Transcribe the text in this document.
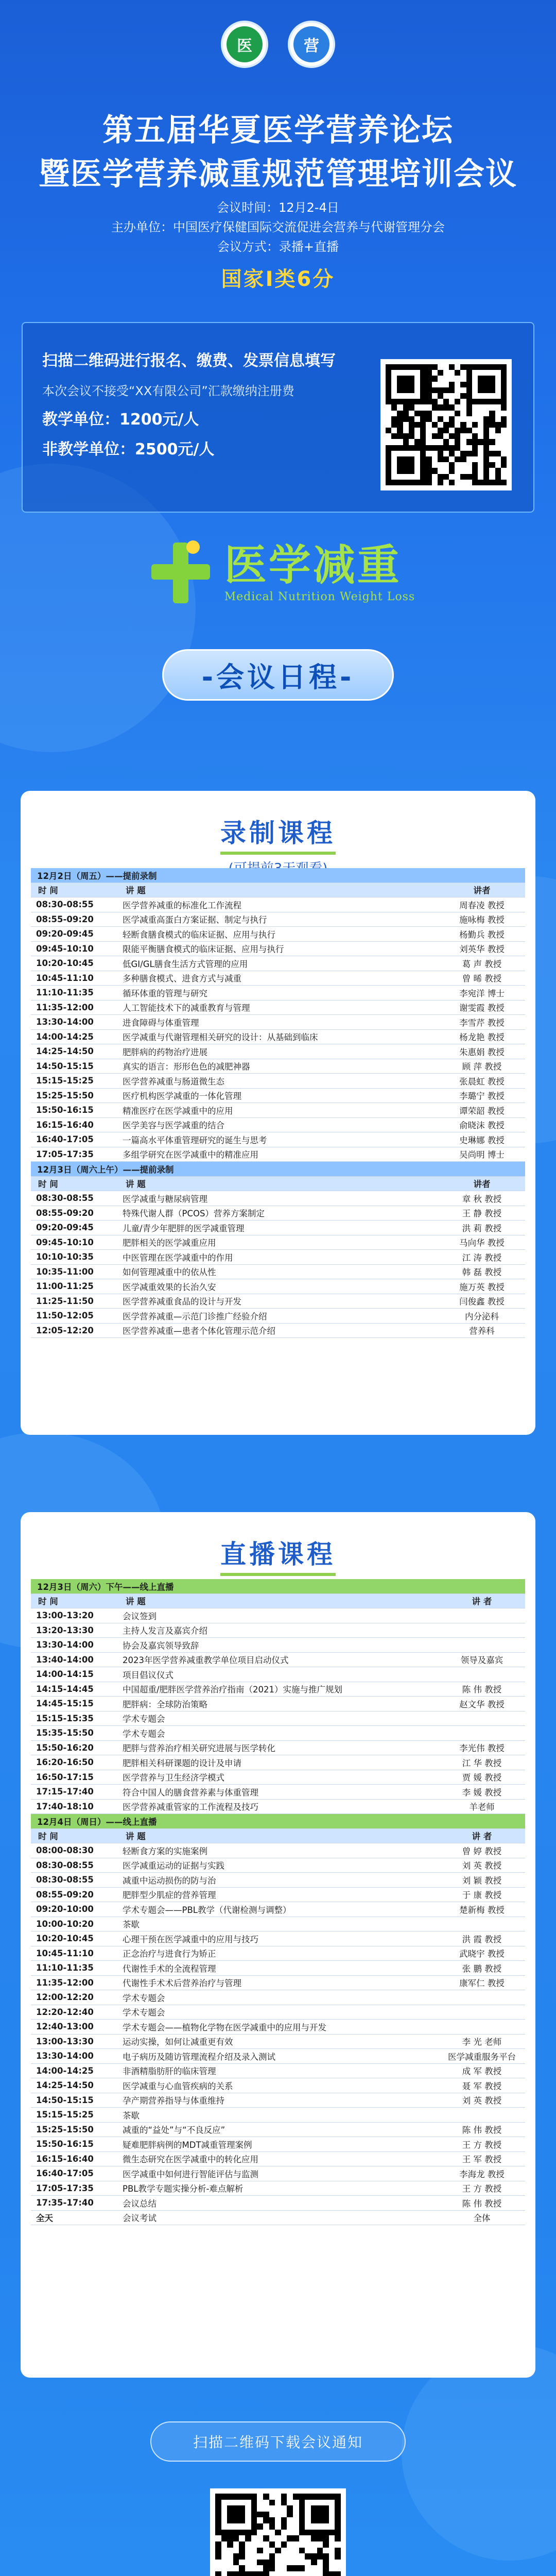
医	营
第五届华夏医学营养论坛
暨医学营养减重规范管理培训会议
会议时间：12月2-4日
主办单位：中国医疗保健国际交流促进会营养与代谢管理分会
会议方式：录播+直播
国家Ⅰ类6分
扫描二维码进行报名、缴费、发票信息填写
本次会议不接受“XX有限公司”汇款缴纳注册费
教学单位：1200元/人
非教学单位：2500元/人
医学减重
Medical Nutrition Weight Loss
-会议日程-
录制课程
12月2日（周五）——提前录制
时 间	讲 题	讲者
08:30-08:55	医学营养减重的标准化工作流程	周春凌 教授
08:55-09:20	医学减重高蛋白方案证据、制定与执行	施咏梅 教授
09:20-09:45	轻断食膳食模式的临床证据、应用与执行	杨勤兵 教授
09:45-10:10	限能平衡膳食模式的临床证据、应用与执行	刘英华 教授
10:20-10:45	低GI/GL膳食生活方式管理的应用	葛 声 教授
10:45-11:10	多种膳食模式、进食方式与减重	曾 晞 教授
11:10-11:35	循环体重的管理与研究	李宛洋 博士
11:35-12:00	人工智能技术下的减重教育与管理	谢雯霞 教授
13:30-14:00	进食障碍与体重管理	李雪芹 教授
14:00-14:25	医学减重与代谢管理相关研究的设计：从基础到临床	杨龙艳 教授
14:25-14:50	肥胖病的药物治疗进展	朱惠娟 教授
14:50-15:15	真实的语言：形形色色的减肥神器	顾 萍 教授
15:15-15:25	医学营养减重与肠道微生态	张晨虹 教授
15:25-15:50	医疗机构医学减重的一体化管理	李璐宁 教授
15:50-16:15	精准医疗在医学减重中的应用	谭荣韶 教授
16:15-16:40	医学美容与医学减重的结合	俞晓沫 教授
16:40-17:05	一篇高水平体重管理研究的诞生与思考	史琳娜 教授
17:05-17:35	多组学研究在医学减重中的精准应用	吴尚明 博士
12月3日（周六上午）——提前录制
时 间	讲 题	讲者
08:30-08:55	医学减重与糖尿病管理	章 秋 教授
08:55-09:20	特殊代谢人群（PCOS）营养方案制定	王 静 教授
09:20-09:45	儿童/青少年肥胖的医学减重管理	洪 莉 教授
09:45-10:10	肥胖相关的医学减重应用	马向华 教授
10:10-10:35	中医管理在医学减重中的作用	江 涛 教授
10:35-11:00	如何管理减重中的依从性	韩 磊 教授
11:00-11:25	医学减重效果的长治久安	施万英 教授
11:25-11:50	医学营养减重食品的设计与开发	闫俊鑫 教授
11:50-12:05	医学营养减重—示范门诊推广经验介绍	内分泌科
12:05-12:20	医学营养减重—患者个体化管理示范介绍	营养科
直播课程
12月3日（周六）下午——线上直播
时 间	讲 题	讲 者
13:00-13:20	会议签到
13:20-13:30	主持人发言及嘉宾介绍
13:30-14:00	协会及嘉宾领导致辞
13:40-14:00	2023年医学营养减重教学单位项目启动仪式	领导及嘉宾
14:00-14:15	项目倡议仪式
14:15-14:45	中国超重/肥胖医学营养治疗指南（2021）实施与推广规划	陈 伟 教授
14:45-15:15	肥胖病：全球防治策略	赵文华 教授
15:15-15:35	学术专题会
15:35-15:50	学术专题会
15:50-16:20	肥胖与营养治疗相关研究进展与医学转化	李光伟 教授
16:20-16:50	肥胖相关科研课题的设计及申请	江 华 教授
16:50-17:15	医学营养与卫生经济学模式	贾 媛 教授
17:15-17:40	符合中国人的膳食营养素与体重管理	李 媛 教授
17:40-18:10	医学营养减重管家的工作流程及技巧	羊老师
12月4日（周日）——线上直播
时 间	讲 题	讲 者
08:00-08:30	轻断食方案的实施案例	曾 婷 教授
08:30-08:55	医学减重运动的证据与实践	刘 英 教授
08:30-08:55	减重中运动损伤的防与治	刘 颖 教授
08:55-09:20	肥胖型少肌症的营养管理	于 康 教授
09:20-10:00	学术专题会——PBL教学（代谢检测与调整）	楚新梅 教授
10:00-10:20	茶歇
10:20-10:45	心理干预在医学减重中的应用与技巧	洪 霞 教授
10:45-11:10	正念治疗与进食行为矫正	武晓宇 教授
11:10-11:35	代谢性手术的全流程管理	张 鹏 教授
11:35-12:00	代谢性手术术后营养治疗与管理	康军仁 教授
12:00-12:20	学术专题会
12:20-12:40	学术专题会
12:40-13:00	学术专题会——植物化学物在医学减重中的应用与开发
13:00-13:30	运动实操，如何让减重更有效	李 光 老师
13:30-14:00	电子病历及随访管理流程介绍及录入测试	医学减重服务平台
14:00-14:25	非酒精脂肪肝的临床管理	成 军 教授
14:25-14:50	医学减重与心血管疾病的关系	聂 军 教授
14:50-15:15	孕产期营养指导与体重维持	刘 英 教授
15:15-15:25	茶歇
15:25-15:50	减重的“益处”与“不良反应”	陈 伟 教授
15:50-16:15	疑难肥胖病例的MDT减重管理案例	王 方 教授
16:15-16:40	微生态研究在医学减重中的转化应用	王 军 教授
16:40-17:05	医学减重中如何进行智能评估与监测	李海龙 教授
17:05-17:35	PBL教学专题实操分析-难点解析	王 方 教授
17:35-17:40	会议总结	陈 伟 教授
全天	会议考试	全体
扫描二维码下载会议通知
